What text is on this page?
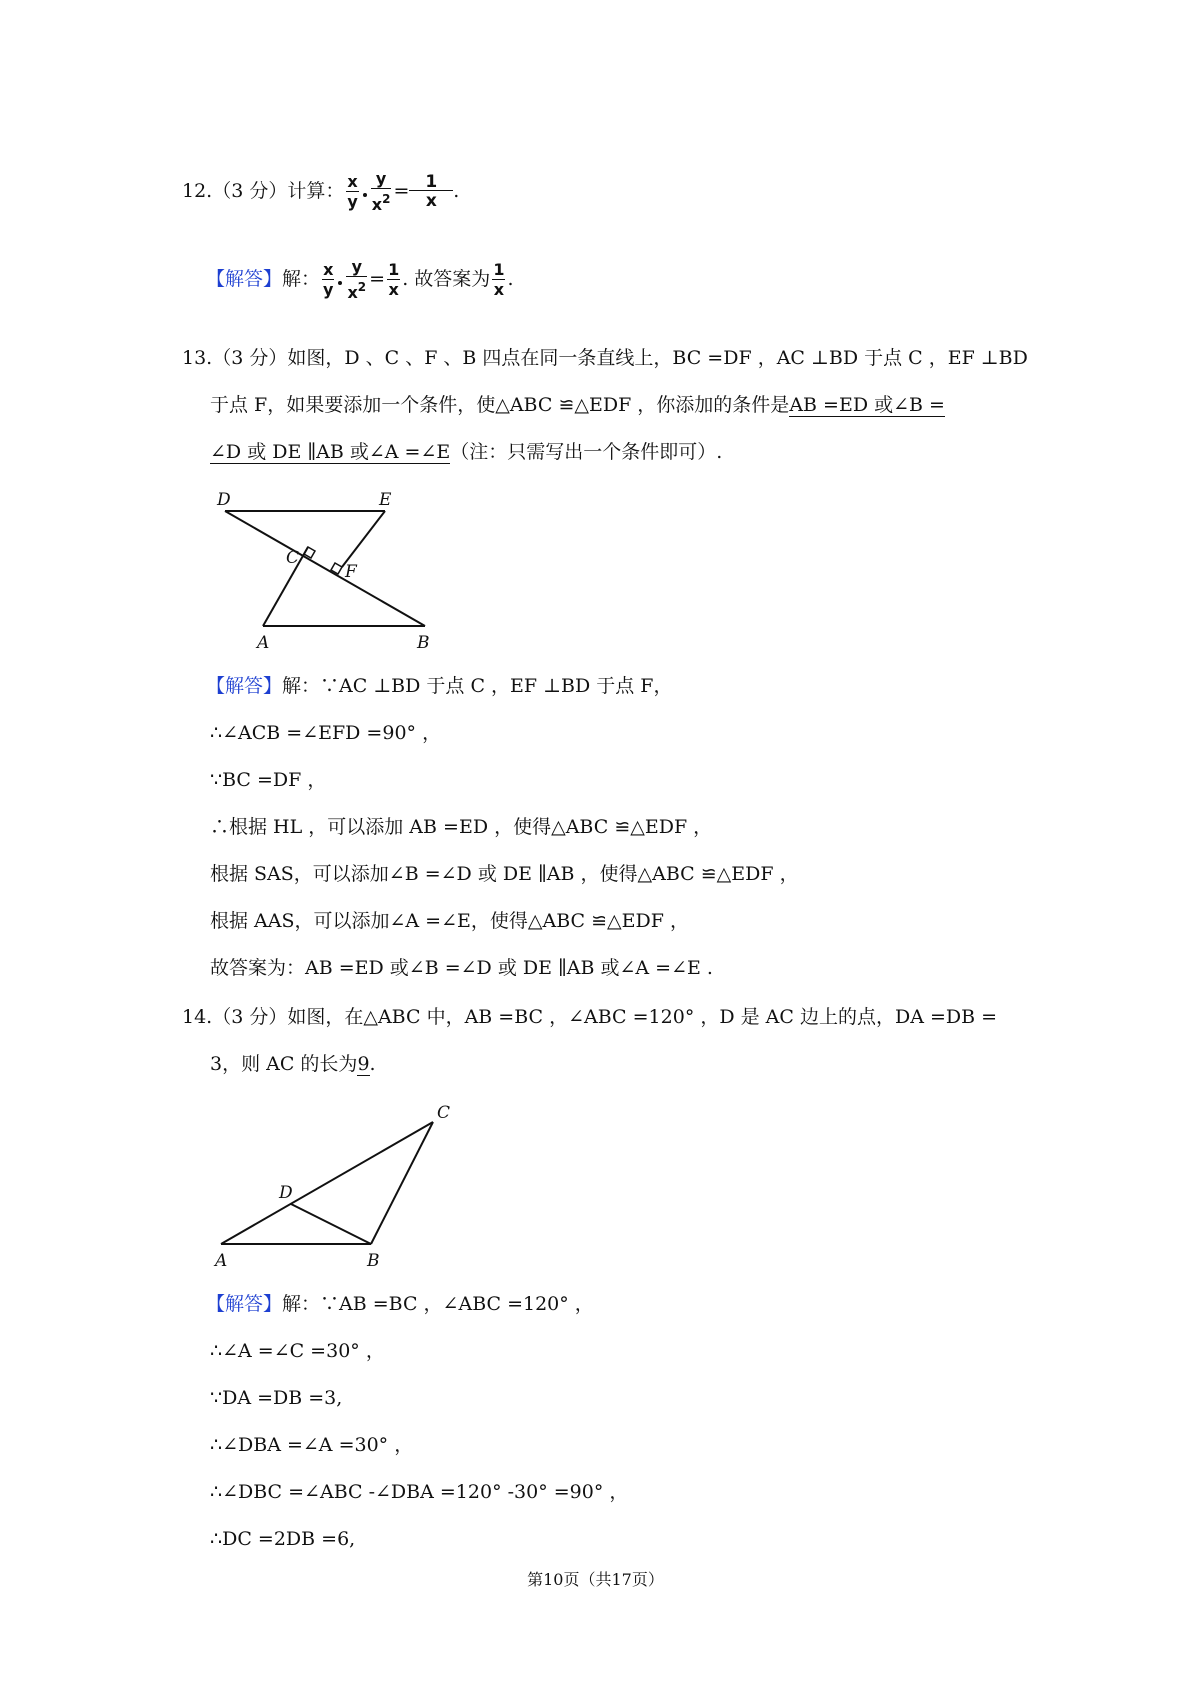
12.（3 分）计算： $\frac{x}{y} \frac{y}{x^2} = \frac{1}{x}$ .
【解答】解： $\frac{x}{y} \frac{y}{x^2} = \frac{1}{x}$ . 故答案为 $\frac{1}{x}$ .
13.（3 分）如图，D 、C 、F 、B 四点在同一条直线上，BC =DF ，AC ⊥BD 于点 C ，EF ⊥BD
于点 F，如果要添加一个条件，使△ABC ≌△EDF ，你添加的条件是AB =ED 或∠B =
∠D 或 DE ∥AB 或∠A =∠E（注：只需写出一个条件即可）.
D	E
C
F
A	B
【解答】解：∵AC ⊥BD 于点 C ，EF ⊥BD 于点 F，
∴∠ACB =∠EFD =90° ，
∵BC =DF ，
∴根据 HL ，可以添加 AB =ED ，使得△ABC ≌△EDF ，
根据 SAS，可以添加∠B =∠D 或 DE ∥AB ，使得△ABC ≌△EDF ，
根据 AAS，可以添加∠A =∠E，使得△ABC ≌△EDF ，
故答案为：AB =ED 或∠B =∠D 或 DE ∥AB 或∠A =∠E .
14.（3 分）如图，在△ABC 中，AB =BC ，∠ABC =120° ，D 是 AC 边上的点，DA =DB =
3，则 AC 的长为9.
A	B
C
D
【解答】解：∵AB =BC ，∠ABC =120° ，
∴∠A =∠C =30° ，
∵DA =DB =3,
∴∠DBA =∠A =30° ，
∴∠DBC =∠ABC -∠DBA =120° -30° =90° ，
∴DC =2DB =6,
第10页（共17页）
